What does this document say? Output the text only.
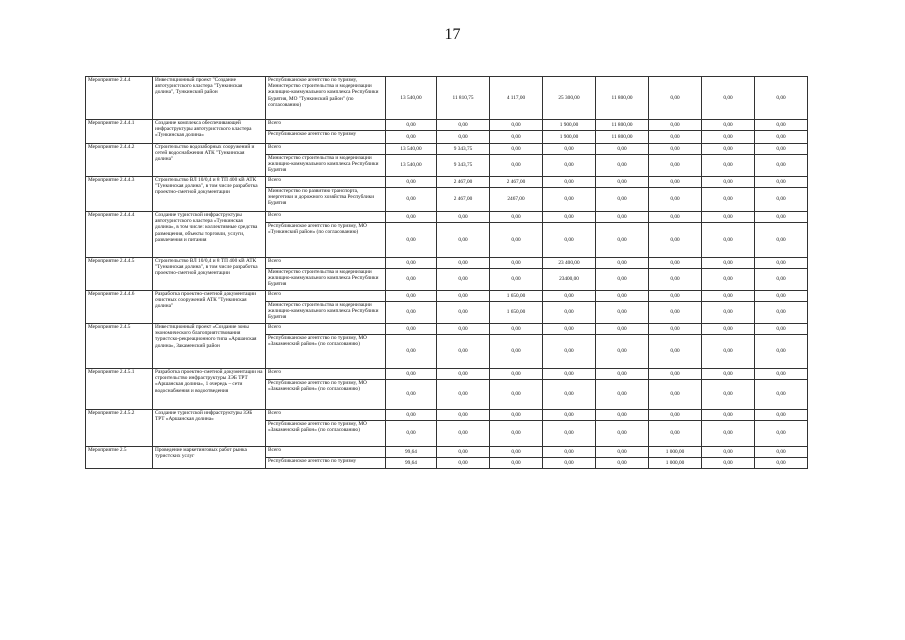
17
Мероприятие 2.4.4	Инвестиционный проект "Создание автотуристского кластера "Тункинская долина", Тункинский район	Республиканское агентство по туризму, Министерство строительства и модернизации жилищно-коммунального комплекса Республики Бурятия, МО "Тункинский район" (по согласованию)	13 540,00	11 810,75	4 117,00	25 300,00	11 800,00	0,00	0,00	0,00
Мероприятие 2.4.4.1	Создание комплекса обеспечивающей инфраструктуры автотуристского кластера «Тункинская долина»	Всего	0,00	0,00	0,00	1 900,00	11 800,00	0,00	0,00	0,00
		Республиканское агентство по туризму	0,00	0,00	0,00	1 900,00	11 800,00	0,00	0,00	0,00
Мероприятие 2.4.4.2	Строительство водозаборных сооружений и сетей водоснабжения АТК "Тункинская долина"	Всего	13 540,00	9 343,75	0,00	0,00	0,00	0,00	0,00	0,00
		Министерство строительства и модернизации жилищно-коммунального комплекса Республики Бурятия	13 540,00	9 343,75	0,00	0,00	0,00	0,00	0,00	0,00
Мероприятие 2.4.4.3	Строительство ВЛ 10/0,4 и 8 ТП 400 кВ АТК "Тункинская долина", в том числе разработка проектно-сметной документации	Всего	0,00	2 467,00	2 467,00	0,00	0,00	0,00	0,00	0,00
		Министерство по развитию транспорта, энергетики и дорожного хозяйства Республики Бурятия	0,00	2 467,00	2467,00	0,00	0,00	0,00	0,00	0,00
Мероприятие 2.4.4.4	Создание туристской инфраструктуры автотуристского кластера «Тункинская долина», в том числе: коллективные средства размещения, объекты торговли, услуги, развлечения и питания	Всего	0,00	0,00	0,00	0,00	0,00	0,00	0,00	0,00
		Республиканское агентство по туризму, МО «Тункинский район» (по согласованию)	0,00	0,00	0,00	0,00	0,00	0,00	0,00	0,00
Мероприятие 2.4.4.5	Строительство ВЛ 10/0,4 и 8 ТП 400 кВ АТК "Тункинская долина", в том числе разработка проектно-сметной документации	Всего	0,00	0,00	0,00	23 400,00	0,00	0,00	0,00	0,00
		Министерство строительства и модернизации жилищно-коммунального комплекса Республики Бурятия	0,00	0,00	0,00	23400,00	0,00	0,00	0,00	0,00
Мероприятие 2.4.4.6	Разработка проектно-сметной документации очистных сооружений АТК "Тункинская долина"	Всего	0,00	0,00	1 650,00	0,00	0,00	0,00	0,00	0,00
		Министерство строительства и модернизации жилищно-коммунального комплекса Республики Бурятия	0,00	0,00	1 650,00	0,00	0,00	0,00	0,00	0,00
Мероприятие 2.4.5	Инвестиционный проект «Создание зоны экономического благоприятствования туристско-рекреационного типа «Аршанская долина», Закаменский район	Всего	0,00	0,00	0,00	0,00	0,00	0,00	0,00	0,00
		Республиканское агентство по туризму, МО «Закаменский район» (по согласованию)	0,00	0,00	0,00	0,00	0,00	0,00	0,00	0,00
Мероприятие 2.4.5.1	Разработка проектно-сметной документации на строительство инфраструктуры ЗЭБ ТРТ «Аршанская долина», 1 очередь – сети водоснабжения и водоотведения	Всего	0,00	0,00	0,00	0,00	0,00	0,00	0,00	0,00
		Республиканское агентство по туризму, МО «Закаменский район» (по согласованию)	0,00	0,00	0,00	0,00	0,00	0,00	0,00	0,00
Мероприятие 2.4.5.2	Создание туристской инфраструктуры ЗЭБ ТРТ «Аршанская долина»	Всего	0,00	0,00	0,00	0,00	0,00	0,00	0,00	0,00
		Республиканское агентство по туризму, МО «Закаменский район» (по согласованию)	0,00	0,00	0,00	0,00	0,00	0,00	0,00	0,00
Мероприятие 2.5	Проведение маркетинговых работ рынка туристских услуг	Всего	99,64	0,00	0,00	0,00	0,00	1 000,00	0,00	0,00
		Республиканское агентство по туризму	99,64	0,00	0,00	0,00	0,00	1 000,00	0,00	0,00
